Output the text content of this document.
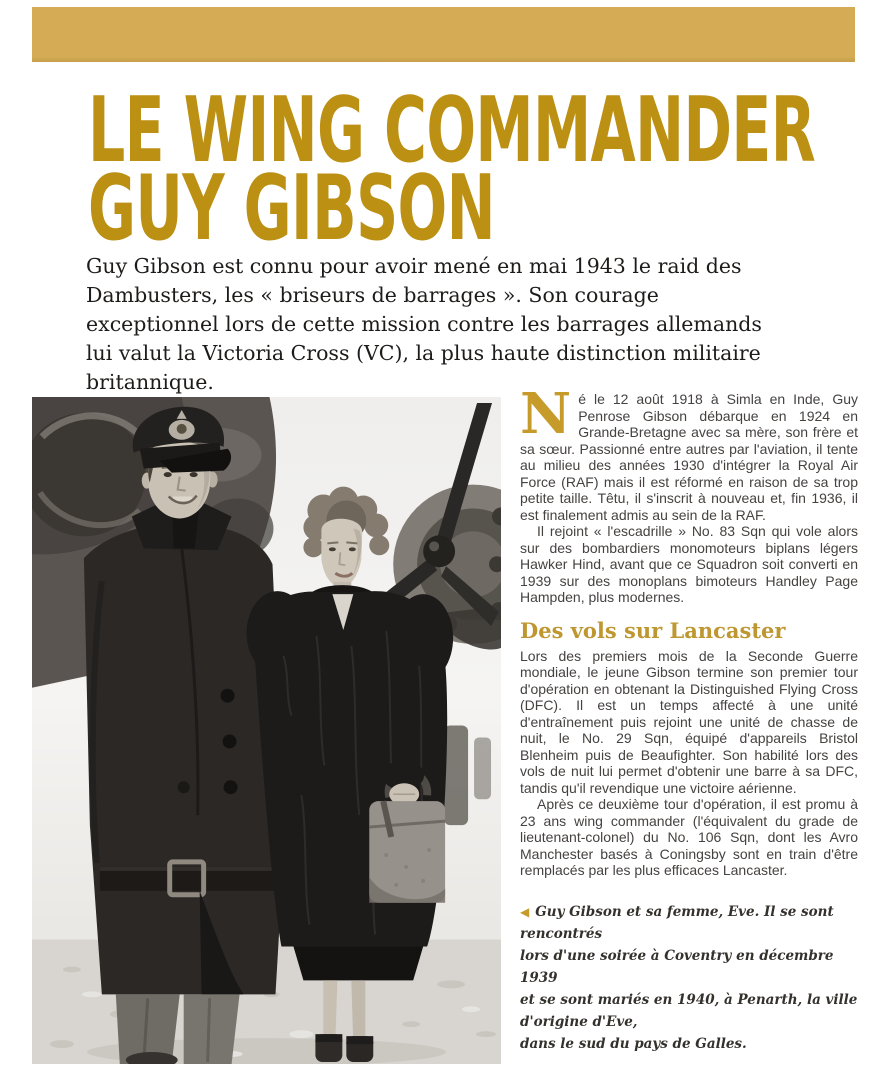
LE WING COMMANDER
GUY GIBSON

Guy Gibson est connu pour avoir mené en mai 1943 le raid des Dambusters, les « briseurs de barrages ». Son courage exceptionnel lors de cette mission contre les barrages allemands lui valut la Victoria Cross (VC), la plus haute distinction militaire britannique.	Né le 12 août 1918 à Simla en Inde, Guy Penrose Gibson débarque en 1924 en Grande-Bretagne avec sa mère, son frère et sa sœur. Passionné entre autres par l'aviation, il tente au milieu des années 1930 d'intégrer la Royal Air Force (RAF) mais il est réformé en raison de sa trop petite taille. Têtu, il s'inscrit à nouveau et, fin 1936, il est finalement admis au sein de la RAF.

Il rejoint « l'escadrille » No. 83 Sqn qui vole alors sur des bombardiers monomoteurs biplans légers Hawker Hind, avant que ce Squadron soit converti en 1939 sur des monoplans bimoteurs Handley Page Hampden, plus modernes.

Des vols sur Lancaster

Lors des premiers mois de la Seconde Guerre mondiale, le jeune Gibson termine son premier tour d'opération en obtenant la Distinguished Flying Cross (DFC). Il est un temps affecté à une unité d'entraînement puis rejoint une unité de chasse de nuit, le No. 29 Sqn, équipé d'appareils Bristol Blenheim puis de Beaufighter. Son habilité lors des vols de nuit lui permet d'obtenir une barre à sa DFC, tandis qu'il revendique une victoire aérienne.

Après ce deuxième tour d'opération, il est promu à 23 ans wing commander (l'équivalent du grade de lieutenant-colonel) du No. 106 Sqn, dont les Avro Manchester basés à Coningsby sont en train d'être remplacés par les plus efficaces Lancaster.

◀ Guy Gibson et sa femme, Eve. Il se sont rencontrés
lors d'une soirée à Coventry en décembre 1939
et se sont mariés en 1940, à Penarth, la ville d'origine d'Eve,
dans le sud du pays de Galles.
